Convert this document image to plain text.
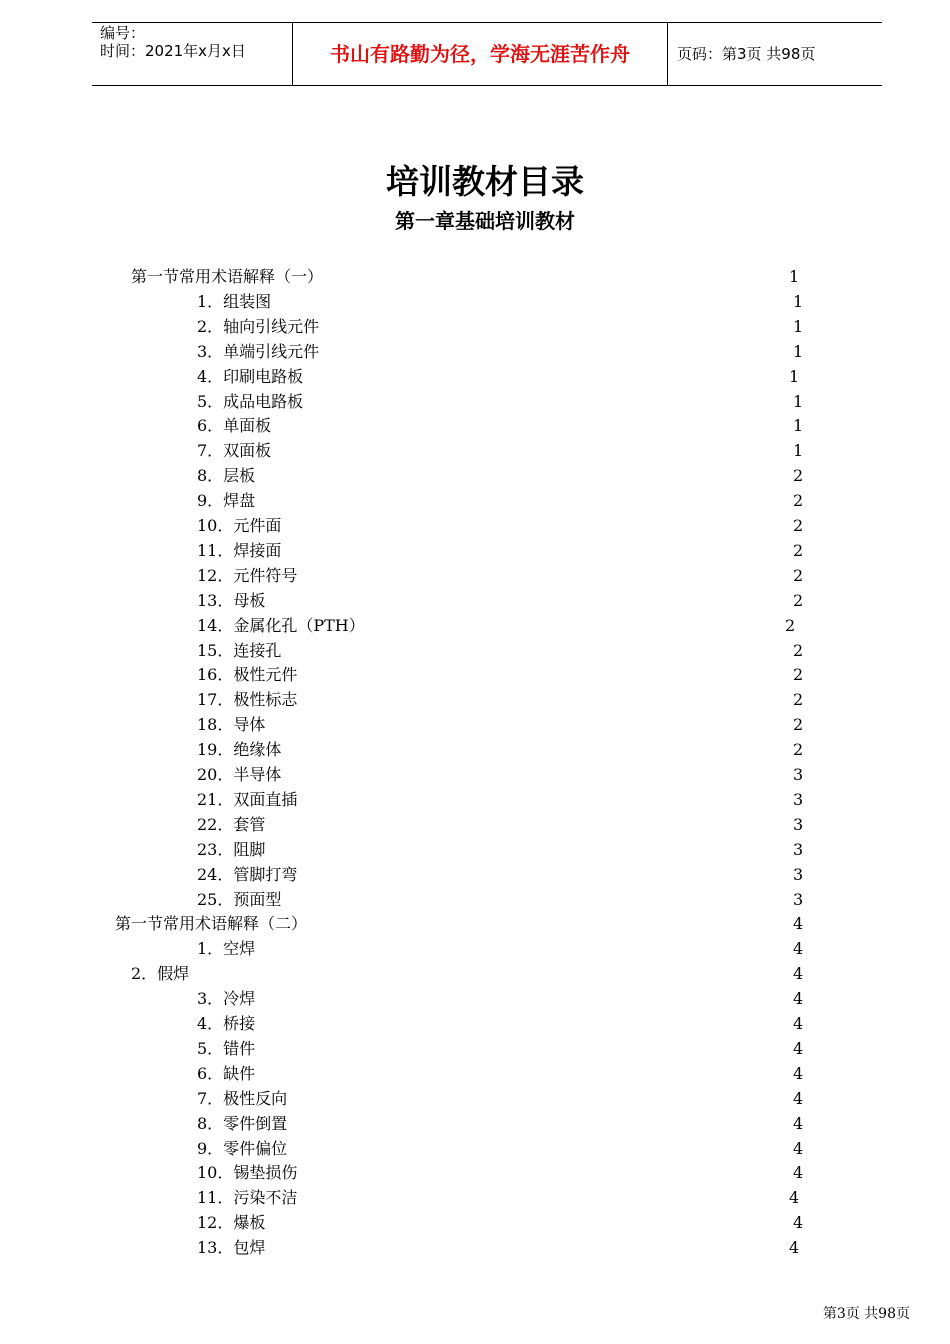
编号：
时间：2021年x月x日	书山有路勤为径，学海无涯苦作舟	页码：第3页 共98页
培训教材目录
第一章基础培训教材
第一节常用术语解释（一）	1
1．组装图	1
2．轴向引线元件	1
3．单端引线元件	1
4．印刷电路板	1
5．成品电路板	1
6．单面板	1
7．双面板	1
8．层板	2
9．焊盘	2
10．元件面	2
11．焊接面	2
12．元件符号	2
13．母板	2
14．金属化孔（PTH）	2
15．连接孔	2
16．极性元件	2
17．极性标志	2
18．导体	2
19．绝缘体	2
20．半导体	3
21．双面直插	3
22．套管	3
23．阻脚	3
24．管脚打弯	3
25．预面型	3
第一节常用术语解释（二）	4
1．空焊	4
2．假焊	4
3．冷焊	4
4．桥接	4
5．错件	4
6．缺件	4
7．极性反向	4
8．零件倒置	4
9．零件偏位	4
10．锡垫损伤	4
11．污染不洁	4
12．爆板	4
13．包焊	4
第3页 共98页
